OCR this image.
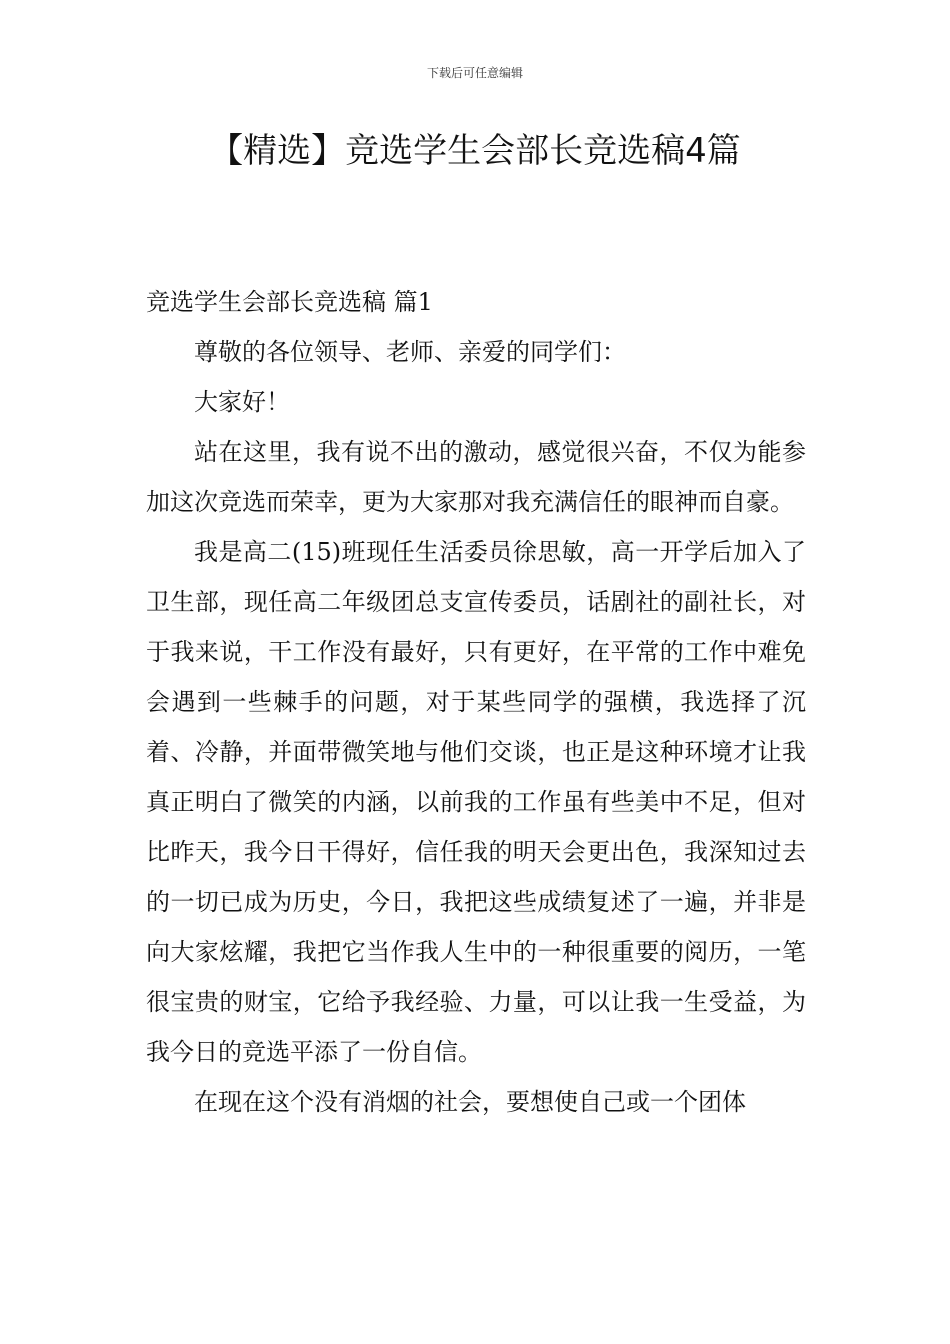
下载后可任意编辑
【精选】竞选学生会部长竞选稿4篇
竞选学生会部长竞选稿 篇1

尊敬的各位领导、老师、亲爱的同学们：

大家好！

站在这里，我有说不出的激动，感觉很兴奋，不仅为能参加这次竞选而荣幸，更为大家那对我充满信任的眼神而自豪。

我是高二(15)班现任生活委员徐思敏，高一开学后加入了卫生部，现任高二年级团总支宣传委员，话剧社的副社长，对于我来说，干工作没有最好，只有更好，在平常的工作中难免会遇到一些棘手的问题，对于某些同学的强横，我选择了沉着、冷静，并面带微笑地与他们交谈，也正是这种环境才让我真正明白了微笑的内涵，以前我的工作虽有些美中不足，但对比昨天，我今日干得好，信任我的明天会更出色，我深知过去的一切已成为历史，今日，我把这些成绩复述了一遍，并非是向大家炫耀，我把它当作我人生中的一种很重要的阅历，一笔很宝贵的财宝，它给予我经验、力量，可以让我一生受益，为我今日的竞选平添了一份自信。

在现在这个没有消烟的社会，要想使自己或一个团体
